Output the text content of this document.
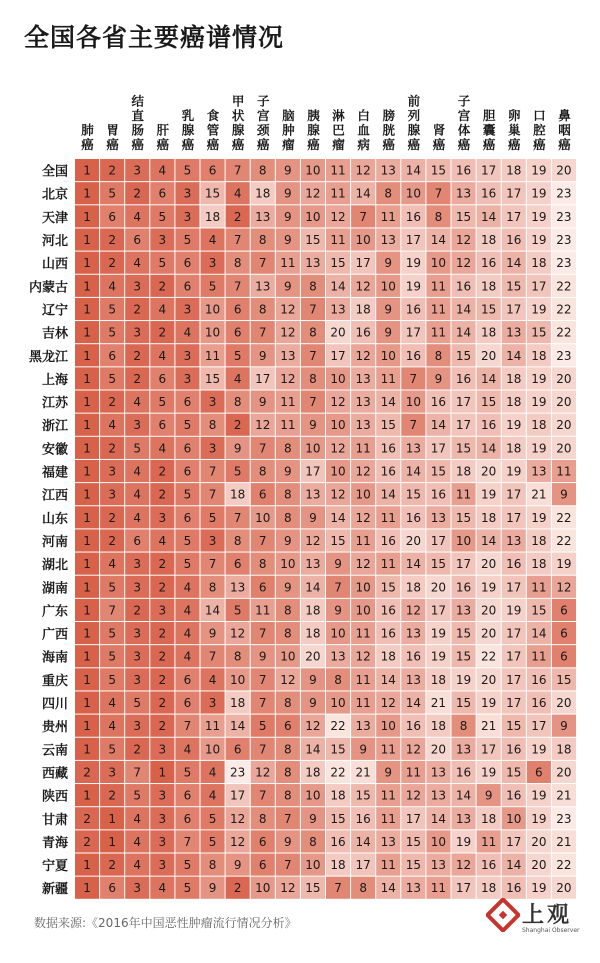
全国各省主要癌谱情况
肺癌
胃癌
结直肠癌
肝癌
乳腺癌
食管癌
甲状腺癌
子宫颈癌
脑肿瘤
胰腺癌
淋巴瘤
白血病
膀胱癌
前列腺癌
肾癌
子宫体癌
胆囊癌
卵巢癌
口腔癌
鼻咽癌
全国 1 2 3 4 5 6 7 8 9 10 11 12 13 14 15 16 17 18 19 20
北京 1 5 2 6 3 15 4 18 9 12 11 14 8 10 7 13 16 17 19 23
天津 1 6 4 5 3 18 2 13 9 10 12 7 11 16 8 15 14 17 19 23
河北 1 2 6 3 5 4 7 8 9 15 11 10 13 17 14 12 18 16 19 23
山西 1 2 4 5 6 3 8 7 11 13 15 17 9 19 10 12 16 14 18 23
内蒙古 1 4 3 2 6 5 7 13 9 8 14 12 10 19 11 16 18 15 17 22
辽宁 1 5 2 4 3 10 6 8 12 7 13 18 9 16 11 14 15 17 19 22
吉林 1 5 3 2 4 10 6 7 12 8 20 16 9 17 11 14 18 13 15 22
黑龙江 1 6 2 4 3 11 5 9 13 7 17 12 10 16 8 15 20 14 18 23
上海 1 5 2 6 3 15 4 17 12 8 10 13 11 7 9 16 14 18 19 20
江苏 1 2 4 5 6 3 8 9 11 7 12 13 14 10 16 17 15 18 19 20
浙江 1 4 3 6 5 8 2 12 11 9 10 13 15 7 14 17 16 19 18 20
安徽 1 2 5 4 6 3 9 7 8 10 12 11 16 13 17 15 14 18 19 20
福建 1 3 4 2 6 7 5 8 9 17 10 12 16 14 15 18 20 19 13 11
江西 1 3 4 2 5 7 18 6 8 13 12 10 14 15 16 11 19 17 21 9
山东 1 2 4 3 6 5 7 10 8 9 14 12 11 16 13 15 18 17 19 22
河南 1 2 6 4 5 3 8 7 9 12 15 11 16 20 17 10 14 13 18 22
湖北 1 4 3 2 5 7 6 8 10 13 9 12 11 14 15 17 20 16 18 19
湖南 1 5 3 2 4 8 13 6 9 14 7 10 15 18 20 16 19 17 11 12
广东 1 7 2 3 4 14 5 11 8 18 9 10 16 12 17 13 20 19 15 6
广西 1 5 3 2 4 9 12 7 8 18 10 11 16 13 19 15 20 17 14 6
海南 1 5 3 2 4 7 8 9 10 20 13 12 18 16 19 15 22 17 11 6
重庆 1 5 3 2 6 4 10 7 12 9 8 11 14 13 18 19 20 17 16 15
四川 1 4 5 2 6 3 18 7 8 9 10 11 12 14 21 15 19 17 16 20
贵州 1 4 3 2 7 11 14 5 6 12 22 13 10 16 18 8 21 15 17 9
云南 1 5 2 3 4 10 6 7 8 14 15 9 11 12 20 13 17 16 19 18
西藏 2 3 7 1 5 4 23 12 8 18 22 21 9 11 13 16 19 15 6 20
陕西 1 2 5 3 6 4 17 7 8 10 18 15 11 12 13 14 9 16 19 21
甘肃 2 1 4 3 6 5 12 8 7 9 15 16 11 17 14 13 18 10 19 23
青海 2 1 4 3 7 5 12 6 9 8 16 14 13 15 10 19 11 17 20 21
宁夏 1 2 4 3 5 8 9 6 7 10 18 17 11 15 13 12 16 14 20 22
新疆 1 6 3 4 5 9 2 10 12 15 7 8 14 13 11 17 18 16 19 20
数据来源:《2016年中国恶性肿瘤流行情况分析》	上观
Shanghai Observer
